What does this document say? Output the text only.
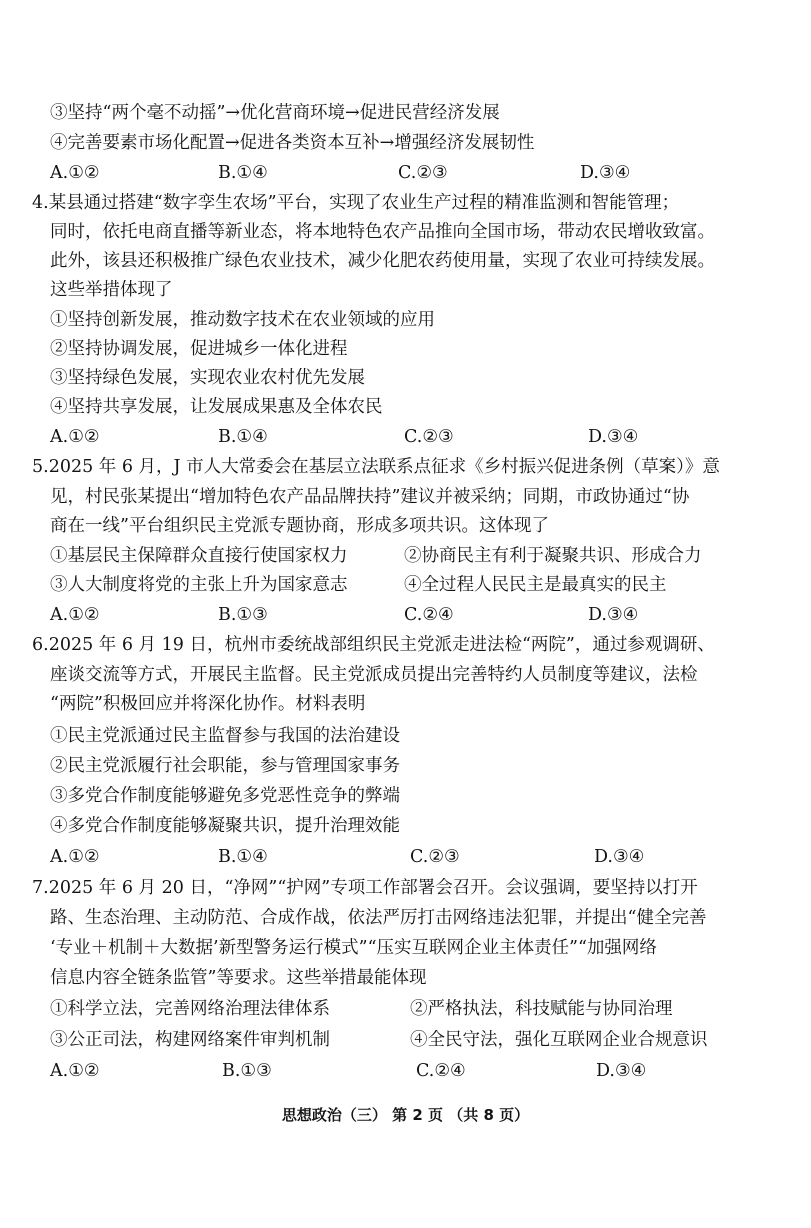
③坚持“两个毫不动摇”→优化营商环境→促进民营经济发展
④完善要素市场化配置→促进各类资本互补→增强经济发展韧性
A.①②	B.①④	C.②③	D.③④
4.某县通过搭建“数字孪生农场”平台，实现了农业生产过程的精准监测和智能管理；
同时，依托电商直播等新业态，将本地特色农产品推向全国市场，带动农民增收致富。
此外，该县还积极推广绿色农业技术，减少化肥农药使用量，实现了农业可持续发展。
这些举措体现了
①坚持创新发展，推动数字技术在农业领域的应用
②坚持协调发展，促进城乡一体化进程
③坚持绿色发展，实现农业农村优先发展
④坚持共享发展，让发展成果惠及全体农民
A.①②	B.①④	C.②③	D.③④
5.2025 年 6 月，J 市人大常委会在基层立法联系点征求《乡村振兴促进条例（草案）》意
见，村民张某提出“增加特色农产品品牌扶持”建议并被采纳；同期，市政协通过“协
商在一线”平台组织民主党派专题协商，形成多项共识。这体现了
①基层民主保障群众直接行使国家权力	②协商民主有利于凝聚共识、形成合力
③人大制度将党的主张上升为国家意志	④全过程人民民主是最真实的民主
A.①②	B.①③	C.②④	D.③④
6.2025 年 6 月 19 日，杭州市委统战部组织民主党派走进法检“两院”，通过参观调研、
座谈交流等方式，开展民主监督。民主党派成员提出完善特约人员制度等建议，法检
“两院”积极回应并将深化协作。材料表明
①民主党派通过民主监督参与我国的法治建设
②民主党派履行社会职能，参与管理国家事务
③多党合作制度能够避免多党恶性竞争的弊端
④多党合作制度能够凝聚共识，提升治理效能
A.①②	B.①④	C.②③	D.③④
7.2025 年 6 月 20 日，“净网”“护网”专项工作部署会召开。会议强调，要坚持以打开
路、生态治理、主动防范、合成作战，依法严厉打击网络违法犯罪，并提出“健全完善
‘专业＋机制＋大数据’新型警务运行模式”“压实互联网企业主体责任”“加强网络
信息内容全链条监管”等要求。这些举措最能体现
①科学立法，完善网络治理法律体系	②严格执法，科技赋能与协同治理
③公正司法，构建网络案件审判机制	④全民守法，强化互联网企业合规意识
A.①②	B.①③	C.②④	D.③④
思想政治（三） 第 2 页 （共 8 页）
